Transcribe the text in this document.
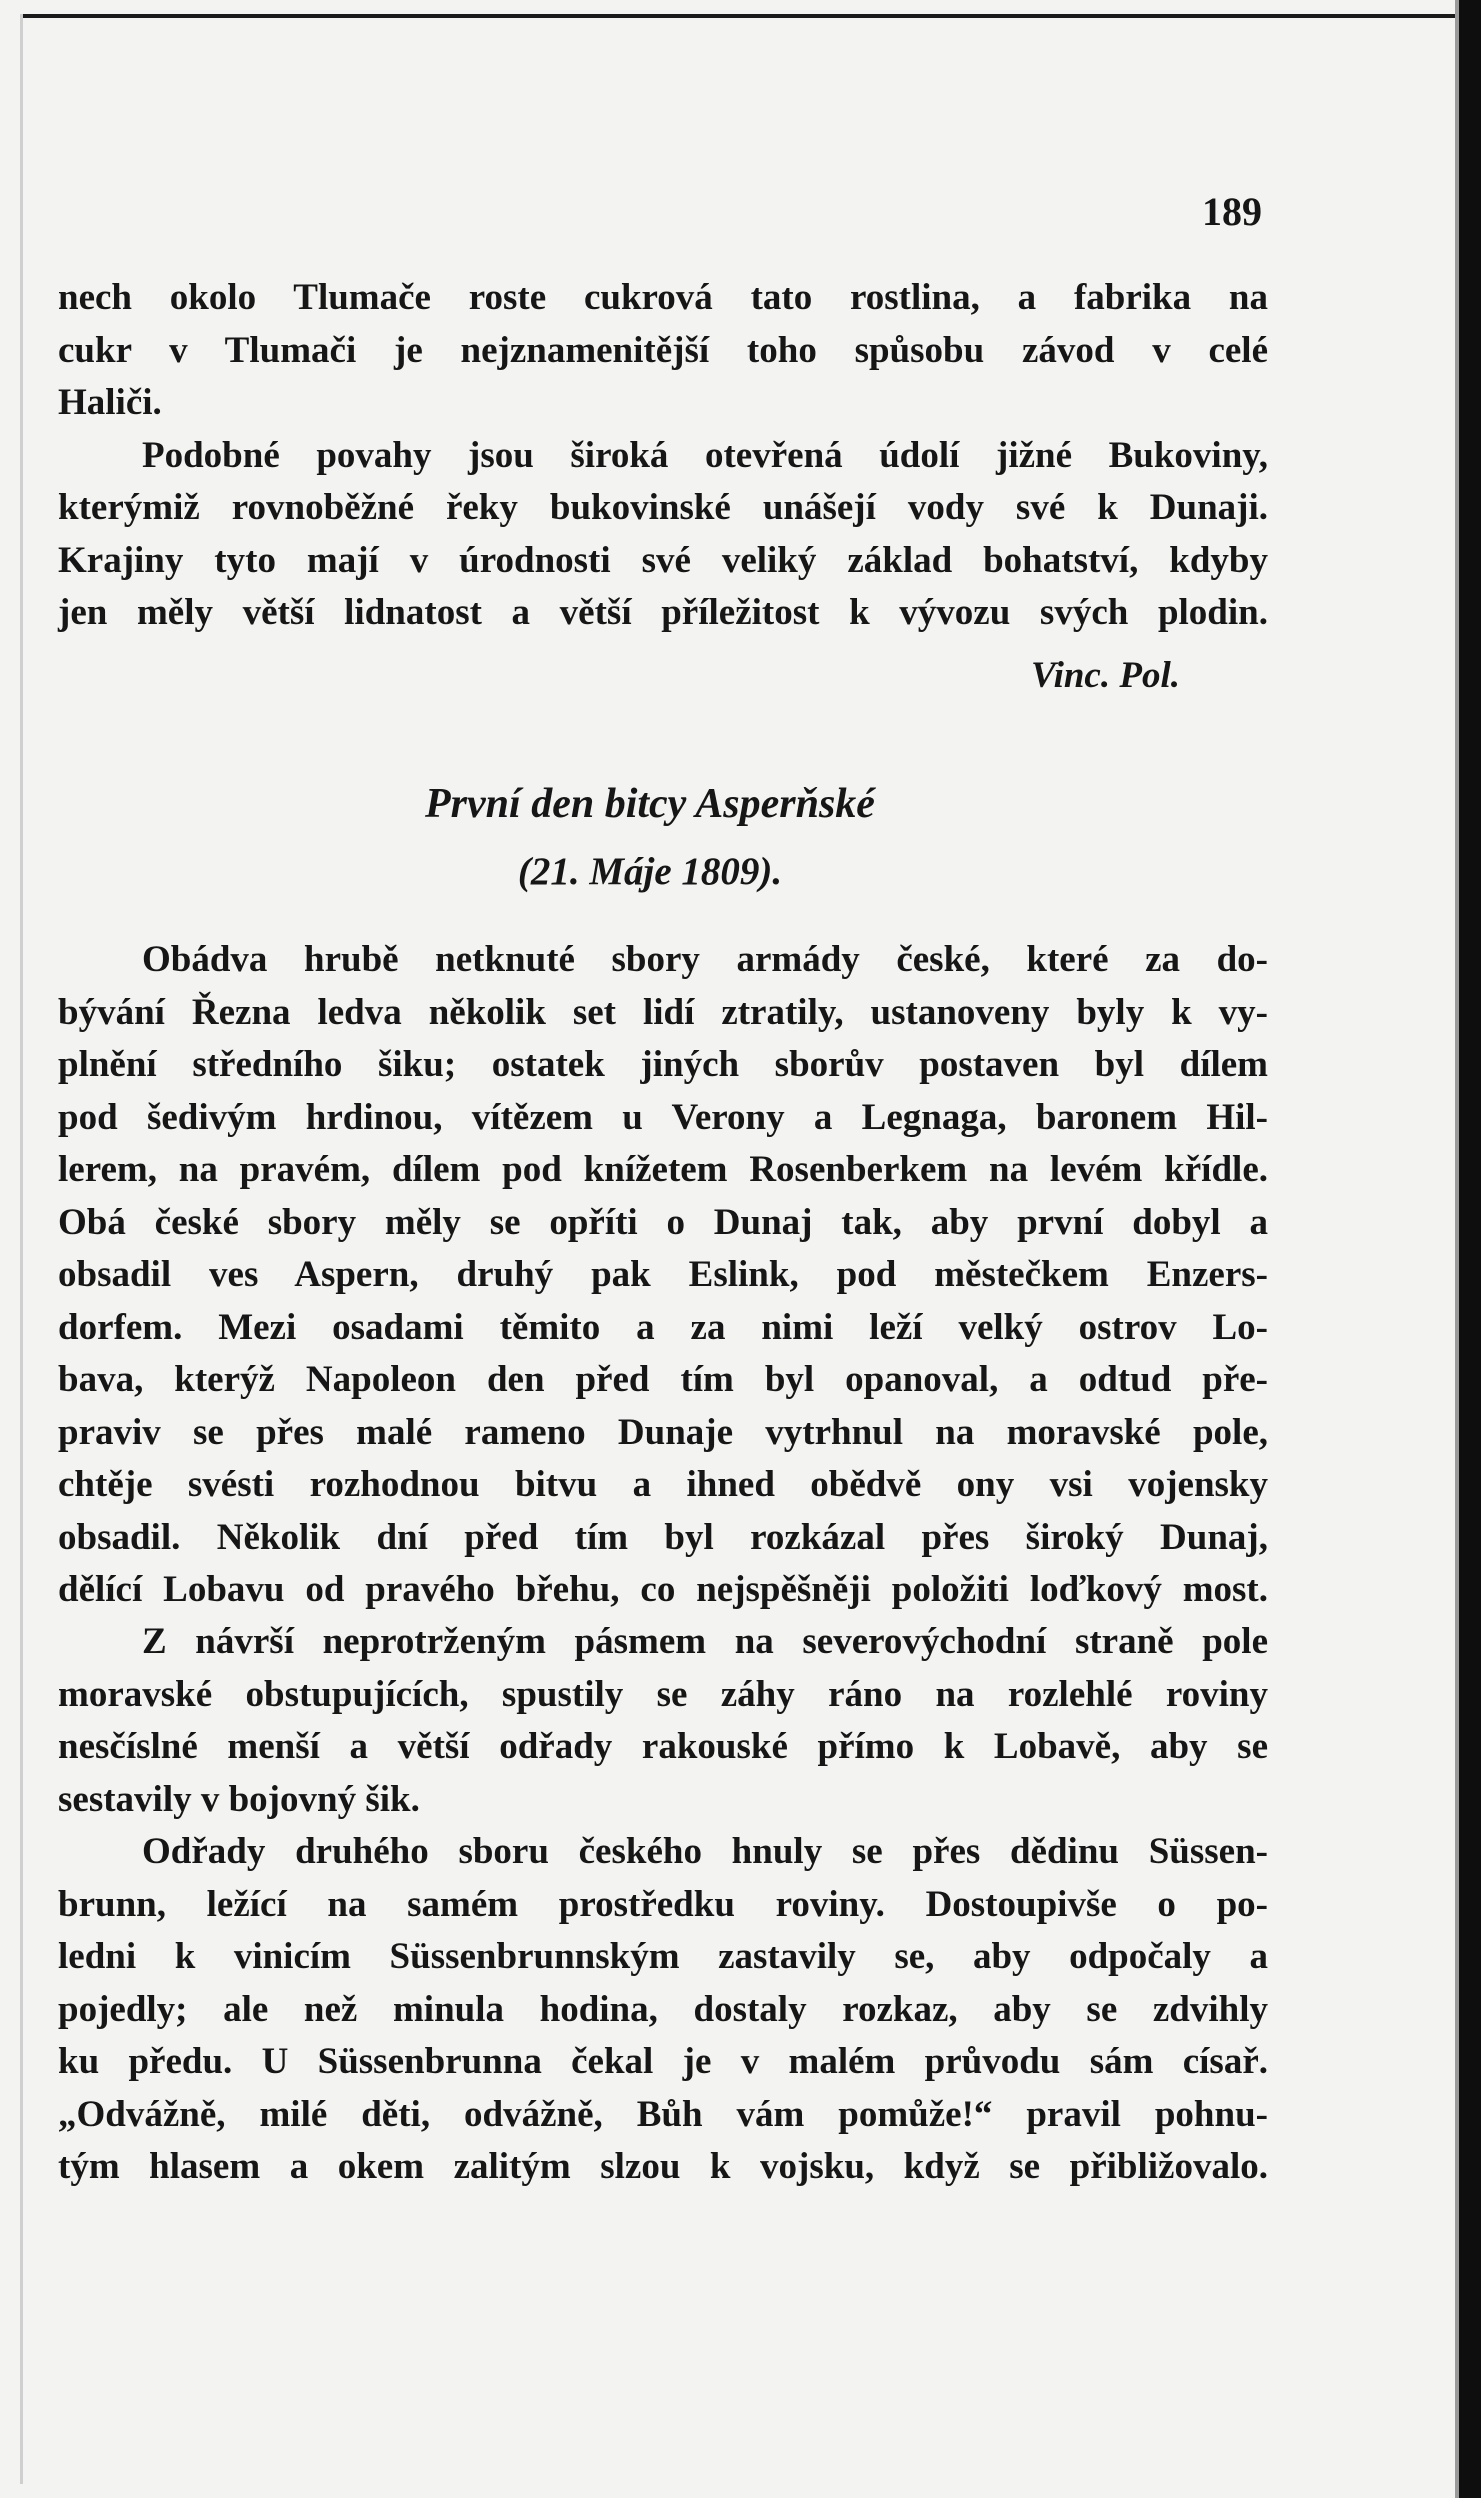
189
nech okolo Tlumače roste cukrová tato rostlina, a fabrika na
cukr v Tlumači je nejznamenitější toho spůsobu závod v celé
Haliči.
Podobné povahy jsou široká otevřená údolí jižné Bukoviny,
kterýmiž rovnoběžné řeky bukovinské unášejí vody své k Dunaji.
Krajiny tyto mají v úrodnosti své veliký základ bohatství, kdyby
jen měly větší lidnatost a větší příležitost k vývozu svých plodin.
Vinc. Pol.
První den bitcy Asperňské
(21. Máje 1809).
Obádva hrubě netknuté sbory armády české, které za do-
bývání Řezna ledva několik set lidí ztratily, ustanoveny byly k vy-
plnění středního šiku; ostatek jiných sborův postaven byl dílem
pod šedivým hrdinou, vítězem u Verony a Legnaga, baronem Hil-
lerem, na pravém, dílem pod knížetem Rosenberkem na levém křídle.
Obá české sbory měly se opříti o Dunaj tak, aby první dobyl a
obsadil ves Aspern, druhý pak Eslink, pod městečkem Enzers-
dorfem. Mezi osadami těmito a za nimi leží velký ostrov Lo-
bava, kterýž Napoleon den před tím byl opanoval, a odtud pře-
praviv se přes malé rameno Dunaje vytrhnul na moravské pole,
chtěje svésti rozhodnou bitvu a ihned obědvě ony vsi vojensky
obsadil. Několik dní před tím byl rozkázal přes široký Dunaj,
dělící Lobavu od pravého břehu, co nejspěšněji položiti loďkový most.
Z návrší neprotrženým pásmem na severovýchodní straně pole
moravské obstupujících, spustily se záhy ráno na rozlehlé roviny
nesčíslné menší a větší odřady rakouské přímo k Lobavě, aby se
sestavily v bojovný šik.
Odřady druhého sboru českého hnuly se přes dědinu Süssen-
brunn, ležící na samém prostředku roviny. Dostoupivše o po-
ledni k vinicím Süssenbrunnským zastavily se, aby odpočaly a
pojedly; ale než minula hodina, dostaly rozkaz, aby se zdvihly
ku předu. U Süssenbrunna čekal je v malém průvodu sám císař.
„Odvážně, milé děti, odvážně, Bůh vám pomůže!“ pravil pohnu-
tým hlasem a okem zalitým slzou k vojsku, když se přibližovalo.
